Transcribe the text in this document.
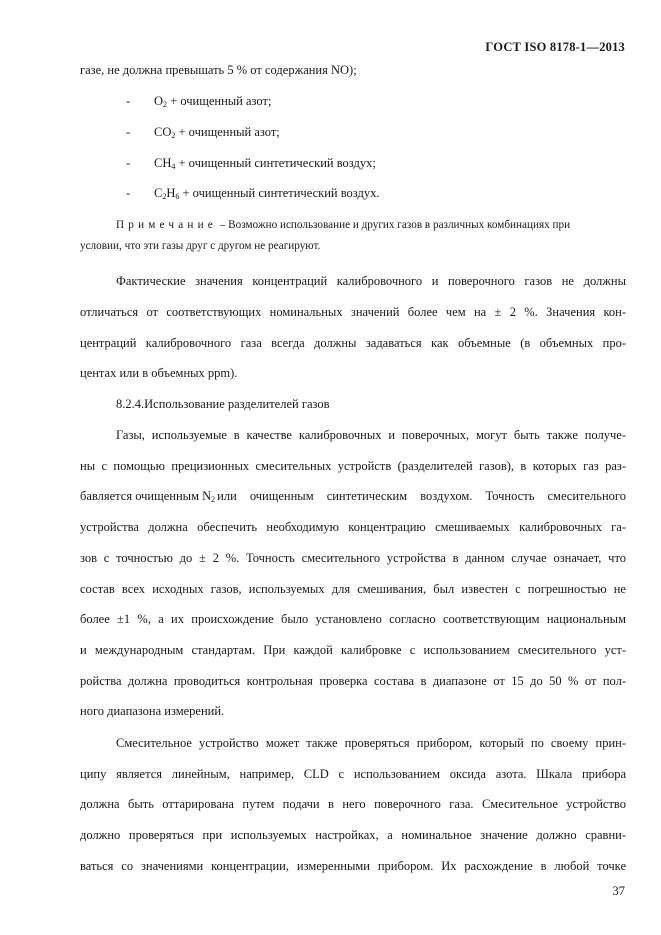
ГОСТ ISO 8178-1—2013
газе, не должна превышать 5 % от содержания NO);
- $O_2$ + очищенный азот;
- $CO_2$ + очищенный азот;
- $CH_4$ + очищенный синтетический воздух;
- $C_2H_6$ + очищенный синтетический воздух.
Примечание – Возможно использование и других газов в различных комбинациях при
условии, что эти газы друг с другом не реагируют.
Фактические значения концентраций калибровочного и поверочного газов не должны
отличаться от соответствующих номинальных значений более чем на ± 2 %. Значения кон-
центраций калибровочного газа всегда должны задаваться как объемные (в объемных про-
центах или в объемных ppm).
8.2.4.Использование разделителей газов
Газы, используемые в качестве калибровочных и поверочных, могут быть также получе-
ны с помощью прецизионных смесительных устройств (разделителей газов), в которых газ раз-
бавляется очищенным N 2 или очищенным синтетическим воздухом. Точность смесительного
устройства должна обеспечить необходимую концентрацию смешиваемых калибровочных га-
зов с точностью до ± 2 %. Точность смесительного устройства в данном случае означает, что
состав всех исходных газов, используемых для смешивания, был известен с погрешностью не
более ±1 %, а их происхождение было установлено согласно соответствующим национальным
и международным стандартам. При каждой калибровке с использованием смесительного уст-
ройства должна проводиться контрольная проверка состава в диапазоне от 15 до 50 % от пол-
ного диапазона измерений.
Смесительное устройство может также проверяться прибором, который по своему прин-
ципу является линейным, например, CLD с использованием оксида азота. Шкала прибора
должна быть оттарирована путем подачи в него поверочного газа. Смесительное устройство
должно проверяться при используемых настройках, а номинальное значение должно сравни-
ваться со значениями концентрации, измеренными прибором. Их расхождение в любой точке
37
